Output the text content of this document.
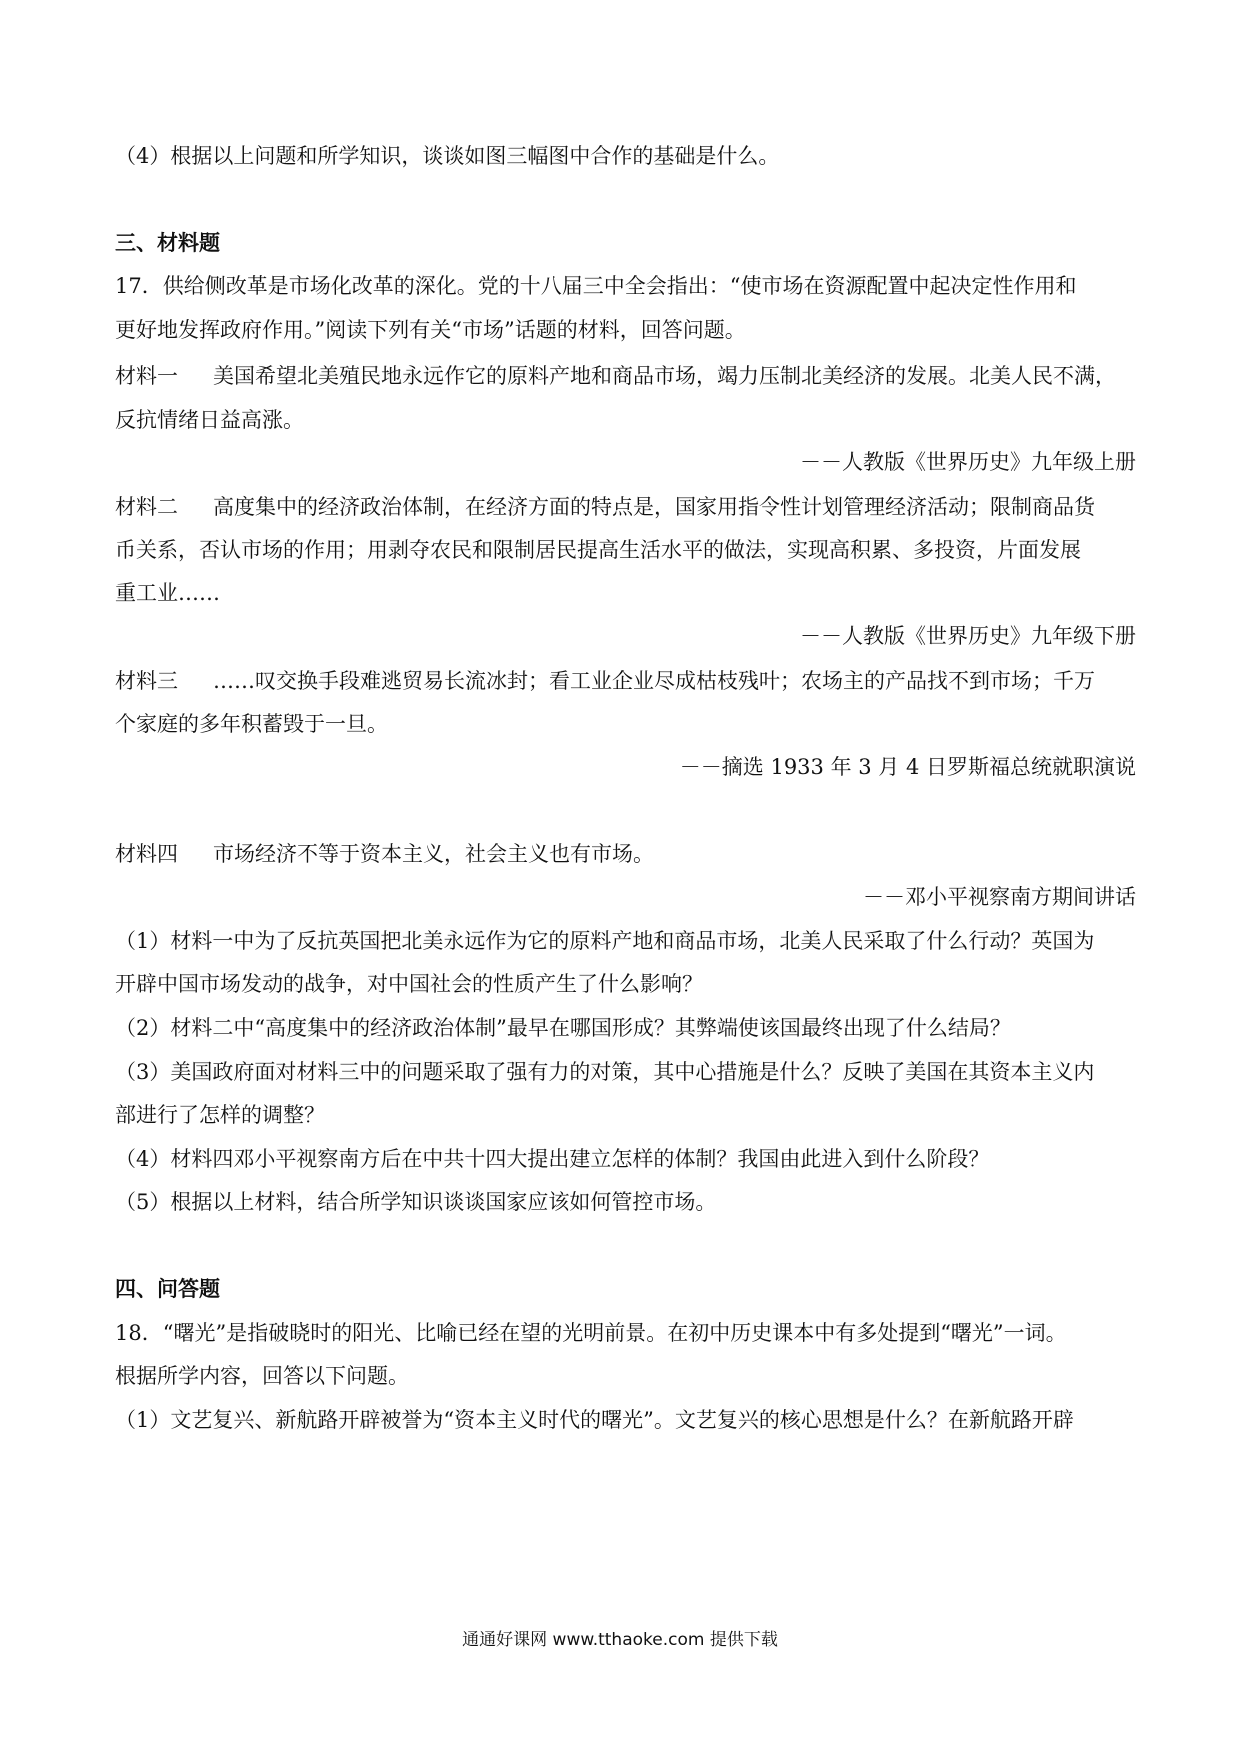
（4）根据以上问题和所学知识，谈谈如图三幅图中合作的基础是什么。
三、材料题
17．供给侧改革是市场化改革的深化。党的十八届三中全会指出：“使市场在资源配置中起决定性作用和
更好地发挥政府作用。”阅读下列有关“市场”话题的材料，回答问题。
材料一 美国希望北美殖民地永远作它的原料产地和商品市场，竭力压制北美经济的发展。北美人民不满，
反抗情绪日益高涨。
－－人教版《世界历史》九年级上册
材料二 高度集中的经济政治体制，在经济方面的特点是，国家用指令性计划管理经济活动；限制商品货
币关系，否认市场的作用；用剥夺农民和限制居民提高生活水平的做法，实现高积累、多投资，片面发展
重工业……
－－人教版《世界历史》九年级下册
材料三 ……叹交换手段难逃贸易长流冰封；看工业企业尽成枯枝残叶；农场主的产品找不到市场；千万
个家庭的多年积蓄毁于一旦。
－－摘选 1933 年 3 月 4 日罗斯福总统就职演说
材料四 市场经济不等于资本主义，社会主义也有市场。
－－邓小平视察南方期间讲话
（1）材料一中为了反抗英国把北美永远作为它的原料产地和商品市场，北美人民采取了什么行动？英国为
开辟中国市场发动的战争，对中国社会的性质产生了什么影响？
（2）材料二中“高度集中的经济政治体制”最早在哪国形成？其弊端使该国最终出现了什么结局？
（3）美国政府面对材料三中的问题采取了强有力的对策，其中心措施是什么？反映了美国在其资本主义内
部进行了怎样的调整？
（4）材料四邓小平视察南方后在中共十四大提出建立怎样的体制？我国由此进入到什么阶段？
（5）根据以上材料，结合所学知识谈谈国家应该如何管控市场。
四、问答题
18．“曙光”是指破晓时的阳光、比喻已经在望的光明前景。在初中历史课本中有多处提到“曙光”一词。
根据所学内容，回答以下问题。
（1）文艺复兴、新航路开辟被誉为“资本主义时代的曙光”。文艺复兴的核心思想是什么？在新航路开辟
通通好课网 www.tthaoke.com 提供下载
